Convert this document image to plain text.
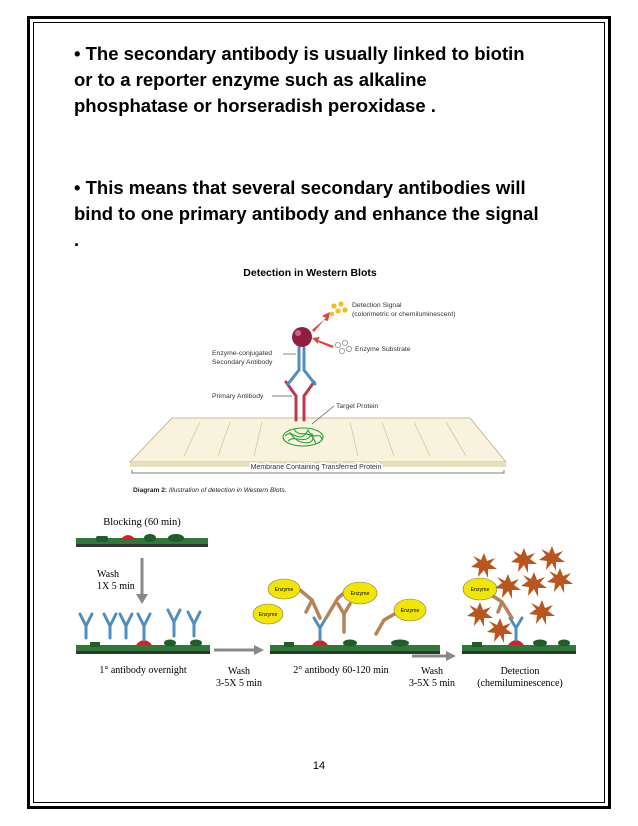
• The secondary antibody is usually linked to biotin or to a reporter enzyme such as alkaline phosphatase or horseradish peroxidase .
• This means that several secondary antibodies will bind to one primary antibody and enhance the signal .
Detection in Western Blots
Membrane Containing Transferred Protein
Detection Signal
(colorimetric or chemiluminescent)
Enzyme Substrate
Enzyme-conjugated
Secondary Antibody
Primary Antibody
Target Protein
Diagram 2: Illustration of detection in Western Blots.
Blocking (60 min)
Wash
1X 5 min
1° antibody overnight	Wash
3-5X 5 min
Enzyme
Enzyme
Enzyme
Enzyme
2° antibody 60-120 min	Wash
3-5X 5 min
Enzyme
Detection
(chemiluminescence)
14
